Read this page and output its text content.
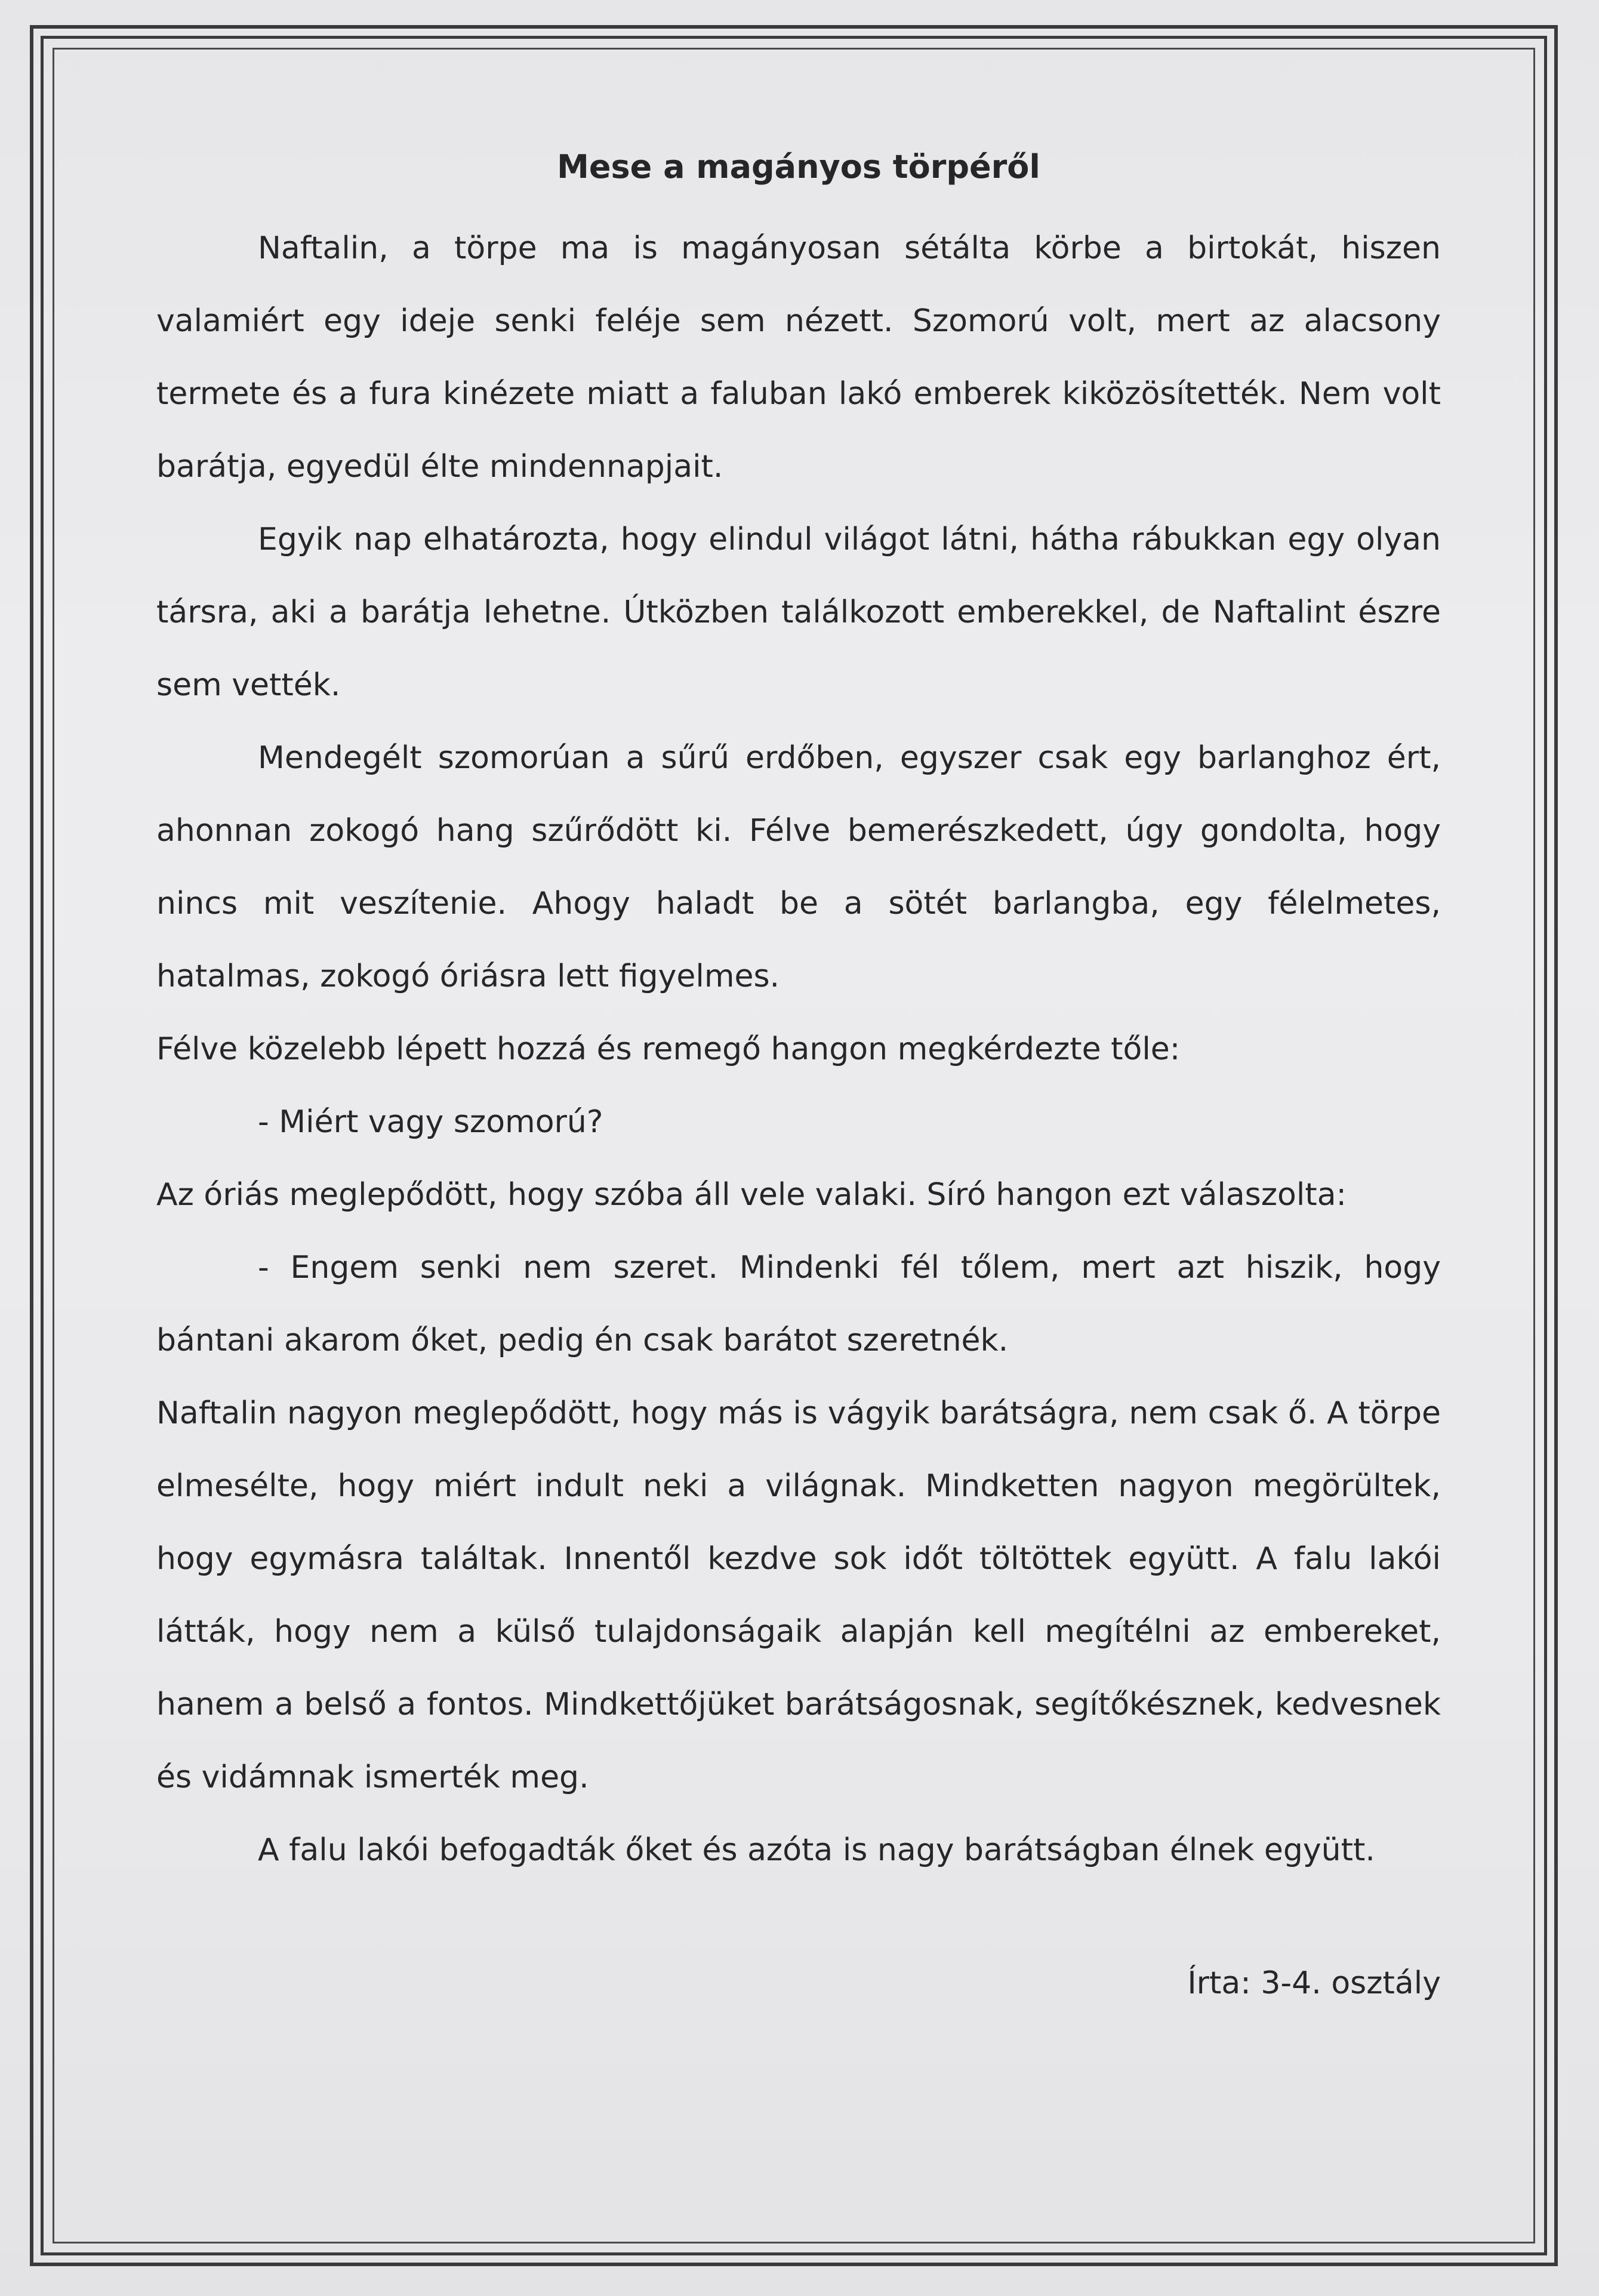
Mese a magányos törpéről

Naftalin, a törpe ma is magányosan sétálta körbe a birtokát, hiszen valamiért egy ideje senki feléje sem nézett. Szomorú volt, mert az alacsony termete és a fura kinézete miatt a faluban lakó emberek kiközösítették. Nem volt barátja, egyedül élte mindennapjait.

Egyik nap elhatározta, hogy elindul világot látni, hátha rábukkan egy olyan társra, aki a barátja lehetne. Útközben találkozott emberekkel, de Naftalint észre sem vették.

Mendegélt szomorúan a sűrű erdőben, egyszer csak egy barlanghoz ért, ahonnan zokogó hang szűrődött ki. Félve bemerészkedett, úgy gondolta, hogy nincs mit veszítenie. Ahogy haladt be a sötét barlangba, egy félelmetes, hatalmas, zokogó óriásra lett figyelmes.

Félve közelebb lépett hozzá és remegő hangon megkérdezte tőle:

- Miért vagy szomorú?

Az óriás meglepődött, hogy szóba áll vele valaki. Síró hangon ezt válaszolta:

- Engem senki nem szeret. Mindenki fél tőlem, mert azt hiszik, hogy bántani akarom őket, pedig én csak barátot szeretnék.

Naftalin nagyon meglepődött, hogy más is vágyik barátságra, nem csak ő. A törpe elmesélte, hogy miért indult neki a világnak. Mindketten nagyon megörültek, hogy egymásra találtak. Innentől kezdve sok időt töltöttek együtt. A falu lakói látták, hogy nem a külső tulajdonságaik alapján kell megítélni az embereket, hanem a belső a fontos. Mindkettőjüket barátságosnak, segítőkésznek, kedvesnek és vidámnak ismerték meg.

A falu lakói befogadták őket és azóta is nagy barátságban élnek együtt.

Írta: 3-4. osztály
